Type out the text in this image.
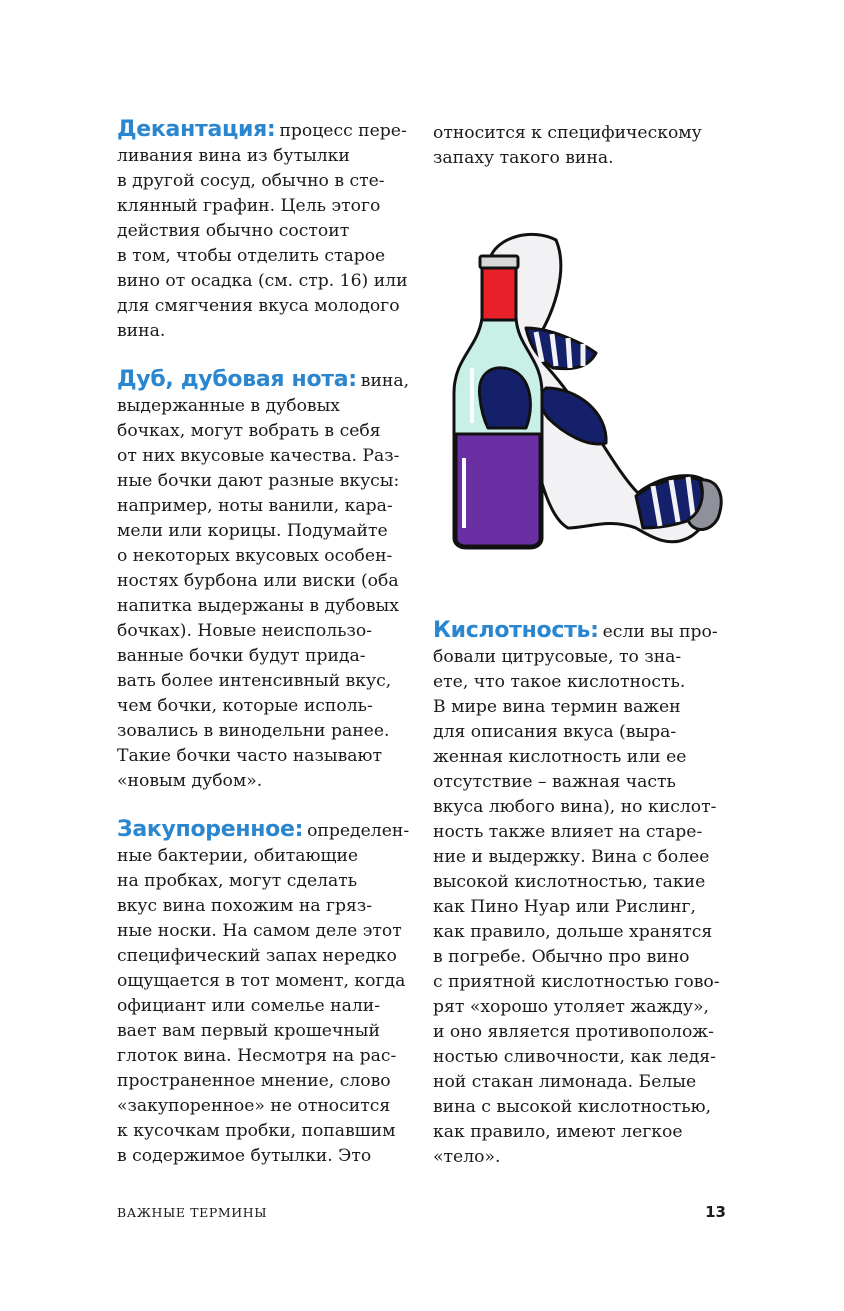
Декантация: процесс пере-
ливания вина из бутылки
в другой сосуд, обычно в сте-
клянный графин. Цель этого
действия обычно состоит
в том, чтобы отделить старое
вино от осадка (см. стр. 16) или
для смягчения вкуса молодого
вина.
Дуб, дубовая нота: вина,
выдержанные в дубовых
бочках, могут вобрать в себя
от них вкусовые качества. Раз-
ные бочки дают разные вкусы:
например, ноты ванили, кара-
мели или корицы. Подумайте
о некоторых вкусовых особен-
ностях бурбона или виски (оба
напитка выдержаны в дубовых
бочках). Новые неиспользо-
ванные бочки будут прида-
вать более интенсивный вкус,
чем бочки, которые исполь-
зовались в винодельни ранее.
Такие бочки часто называют
«новым дубом».
Закупоренное: определен-
ные бактерии, обитающие
на пробках, могут сделать
вкус вина похожим на гряз-
ные носки. На самом деле этот
специфический запах нередко
ощущается в тот момент, когда
официант или сомелье нали-
вает вам первый крошечный
глоток вина. Несмотря на рас-
пространенное мнение, слово
«закупоренное» не относится
к кусочкам пробки, попавшим
в содержимое бутылки. Это
относится к специфическому
запаху такого вина.
Кислотность: если вы про-
бовали цитрусовые, то зна-
ете, что такое кислотность.
В мире вина термин важен
для описания вкуса (выра-
женная кислотность или ее
отсутствие – важная часть
вкуса любого вина), но кислот-
ность также влияет на старе-
ние и выдержку. Вина с более
высокой кислотностью, такие
как Пино Нуар или Рислинг,
как правило, дольше хранятся
в погребе. Обычно про вино
с приятной кислотностью гово-
рят «хорошо утоляет жажду»,
и оно является противополож-
ностью сливочности, как ледя-
ной стакан лимонада. Белые
вина с высокой кислотностью,
как правило, имеют легкое
«тело».
ВАЖНЫЕ ТЕРМИНЫ	13
